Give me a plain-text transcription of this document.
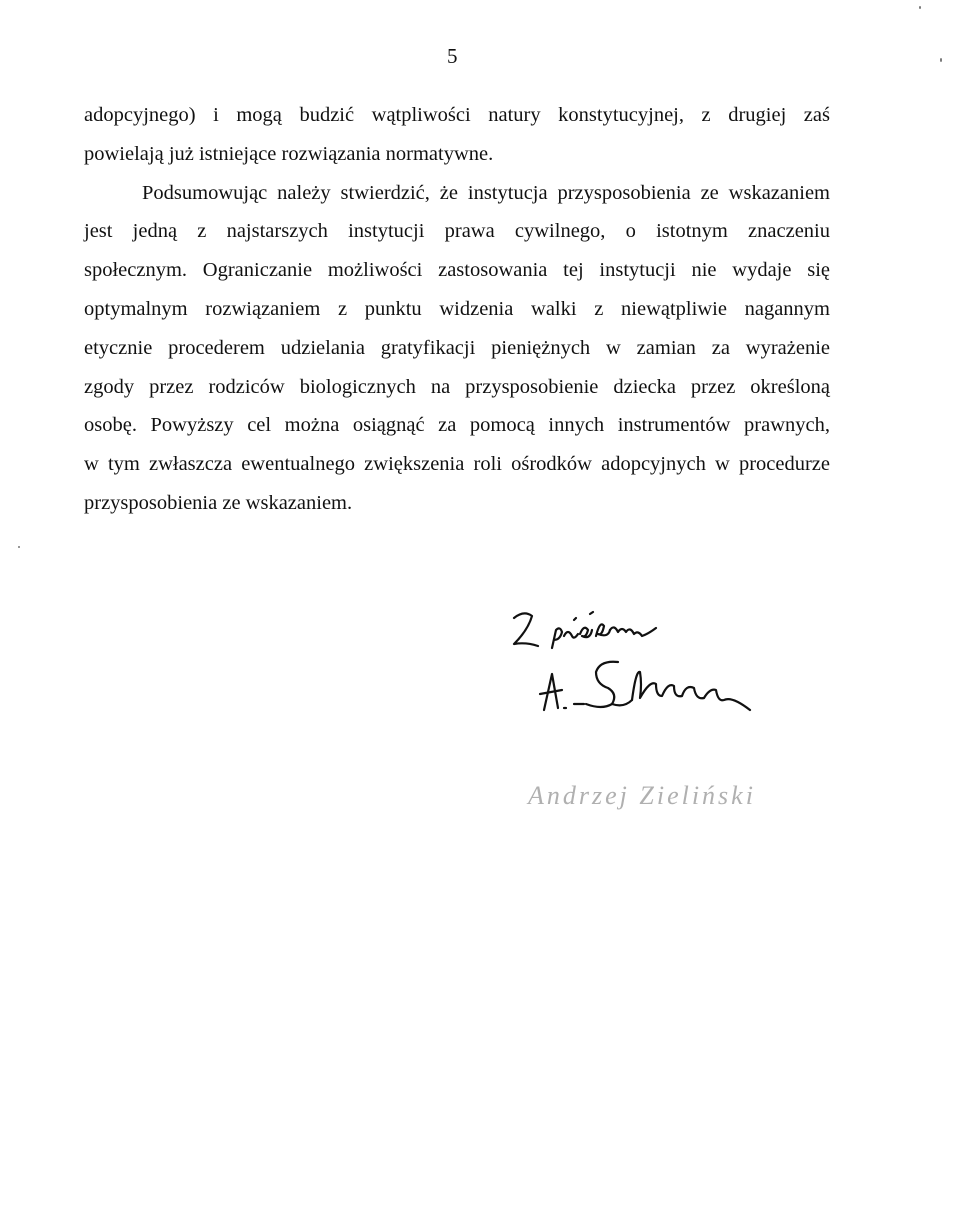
5
adopcyjnego) i mogą budzić wątpliwości natury konstytucyjnej, z drugiej zaś
powielają już istniejące rozwiązania normatywne.
Podsumowując należy stwierdzić, że instytucja przysposobienia ze wskazaniem
jest jedną z najstarszych instytucji prawa cywilnego, o istotnym znaczeniu
społecznym. Ograniczanie możliwości zastosowania tej instytucji nie wydaje się
optymalnym rozwiązaniem z punktu widzenia walki z niewątpliwie nagannym
etycznie procederem udzielania gratyfikacji pieniężnych w zamian za wyrażenie
zgody przez rodziców biologicznych na przysposobienie dziecka przez określoną
osobę. Powyższy cel można osiągnąć za pomocą innych instrumentów prawnych,
w tym zwłaszcza ewentualnego zwiększenia roli ośrodków adopcyjnych w procedurze
przysposobienia ze wskazaniem.
Andrzej Zieliński
